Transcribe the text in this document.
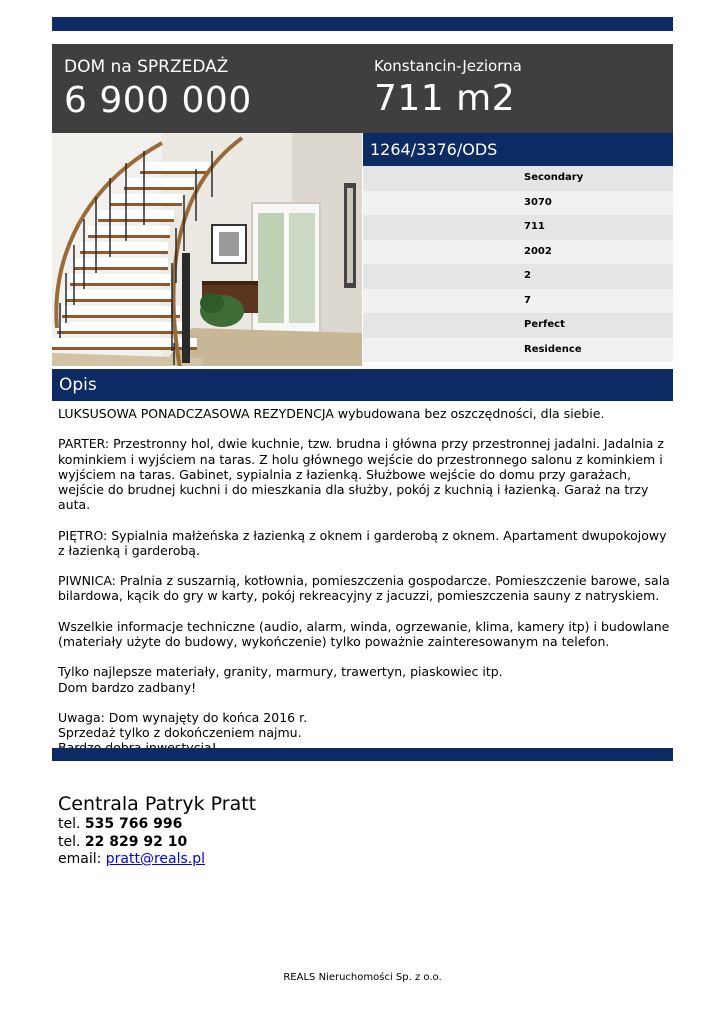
DOM na SPRZEDAŻ
6 900 000
Konstancin-Jeziorna
711 m2
1264/3376/ODS
Secondary
3070
711
2002
2
7
Perfect
Residence
Opis

LUKSUSOWA PONADCZASOWA REZYDENCJA wybudowana bez oszczędności, dla siebie.

PARTER: Przestronny hol, dwie kuchnie, tzw. brudna i główna przy przestronnej jadalni. Jadalnia z kominkiem i wyjściem na taras. Z holu głównego wejście do przestronnego salonu z kominkiem i wyjściem na taras. Gabinet, sypialnia z łazienką. Służbowe wejście do domu przy garażach, wejście do brudnej kuchni i do mieszkania dla służby, pokój z kuchnią i łazienką. Garaż na trzy auta.

PIĘTRO: Sypialnia małżeńska z łazienką z oknem i garderobą z oknem. Apartament dwupokojowy z łazienką i garderobą.

PIWNICA: Pralnia z suszarnią, kotłownia, pomieszczenia gospodarcze. Pomieszczenie barowe, sala bilardowa, kącik do gry w karty, pokój rekreacyjny z jacuzzi, pomieszczenia sauny z natryskiem.

Wszelkie informacje techniczne (audio, alarm, winda, ogrzewanie, klima, kamery itp) i budowlane (materiały użyte do budowy, wykończenie) tylko poważnie zainteresowanym na telefon.

Tylko najlepsze materiały, granity, marmury, trawertyn, piaskowiec itp.
Dom bardzo zadbany!

Uwaga: Dom wynajęty do końca 2016 r.
Sprzedaż tylko z dokończeniem najmu.

Centrala Patryk Pratt
tel. 535 766 996
tel. 22 829 92 10
email: pratt@reals.pl
REALS Nieruchomości Sp. z o.o.
